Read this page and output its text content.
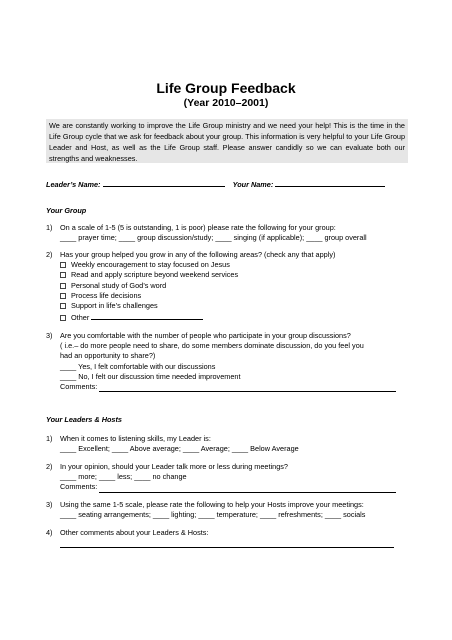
Life Group Feedback
(Year 2010–2001)
We are constantly working to improve the Life Group ministry and we need your help! This is the time in the Life Group cycle that we ask for feedback about your group. This information is very helpful to your Life Group Leader and Host, as well as the Life Group staff. Please answer candidly so we can evaluate both our strengths and weaknesses.
Leader’s Name:	Your Name:
Your Group
1)	On a scale of 1-5 (5 is outstanding, 1 is poor) please rate the following for your group:
____ prayer time; ____ group discussion/study; ____ singing (if applicable); ____ group overall
2)	Has your group helped you grow in any of the following areas? (check any that apply)
Weekly encouragement to stay focused on Jesus
Read and apply scripture beyond weekend services
Personal study of God’s word
Process life decisions
Support in life’s challenges
Other
3)	Are you comfortable with the number of people who participate in your group discussions?
( i.e.– do more people need to share, do some members dominate discussion, do you feel you
had an opportunity to share?)
____ Yes, I felt comfortable with our discussions
____ No, I felt our discussion time needed improvement
Comments:
Your Leaders & Hosts
1)	When it comes to listening skills, my Leader is:
____ Excellent; ____ Above average; ____ Average; ____ Below Average
2)	In your opinion, should your Leader talk more or less during meetings?
____ more; ____ less; ____ no change
Comments:
3)	Using the same 1-5 scale, please rate the following to help your Hosts improve your meetings:
____ seating arrangements; ____ lighting; ____ temperature; ____ refreshments; ____ socials
4)	Other comments about your Leaders & Hosts:
